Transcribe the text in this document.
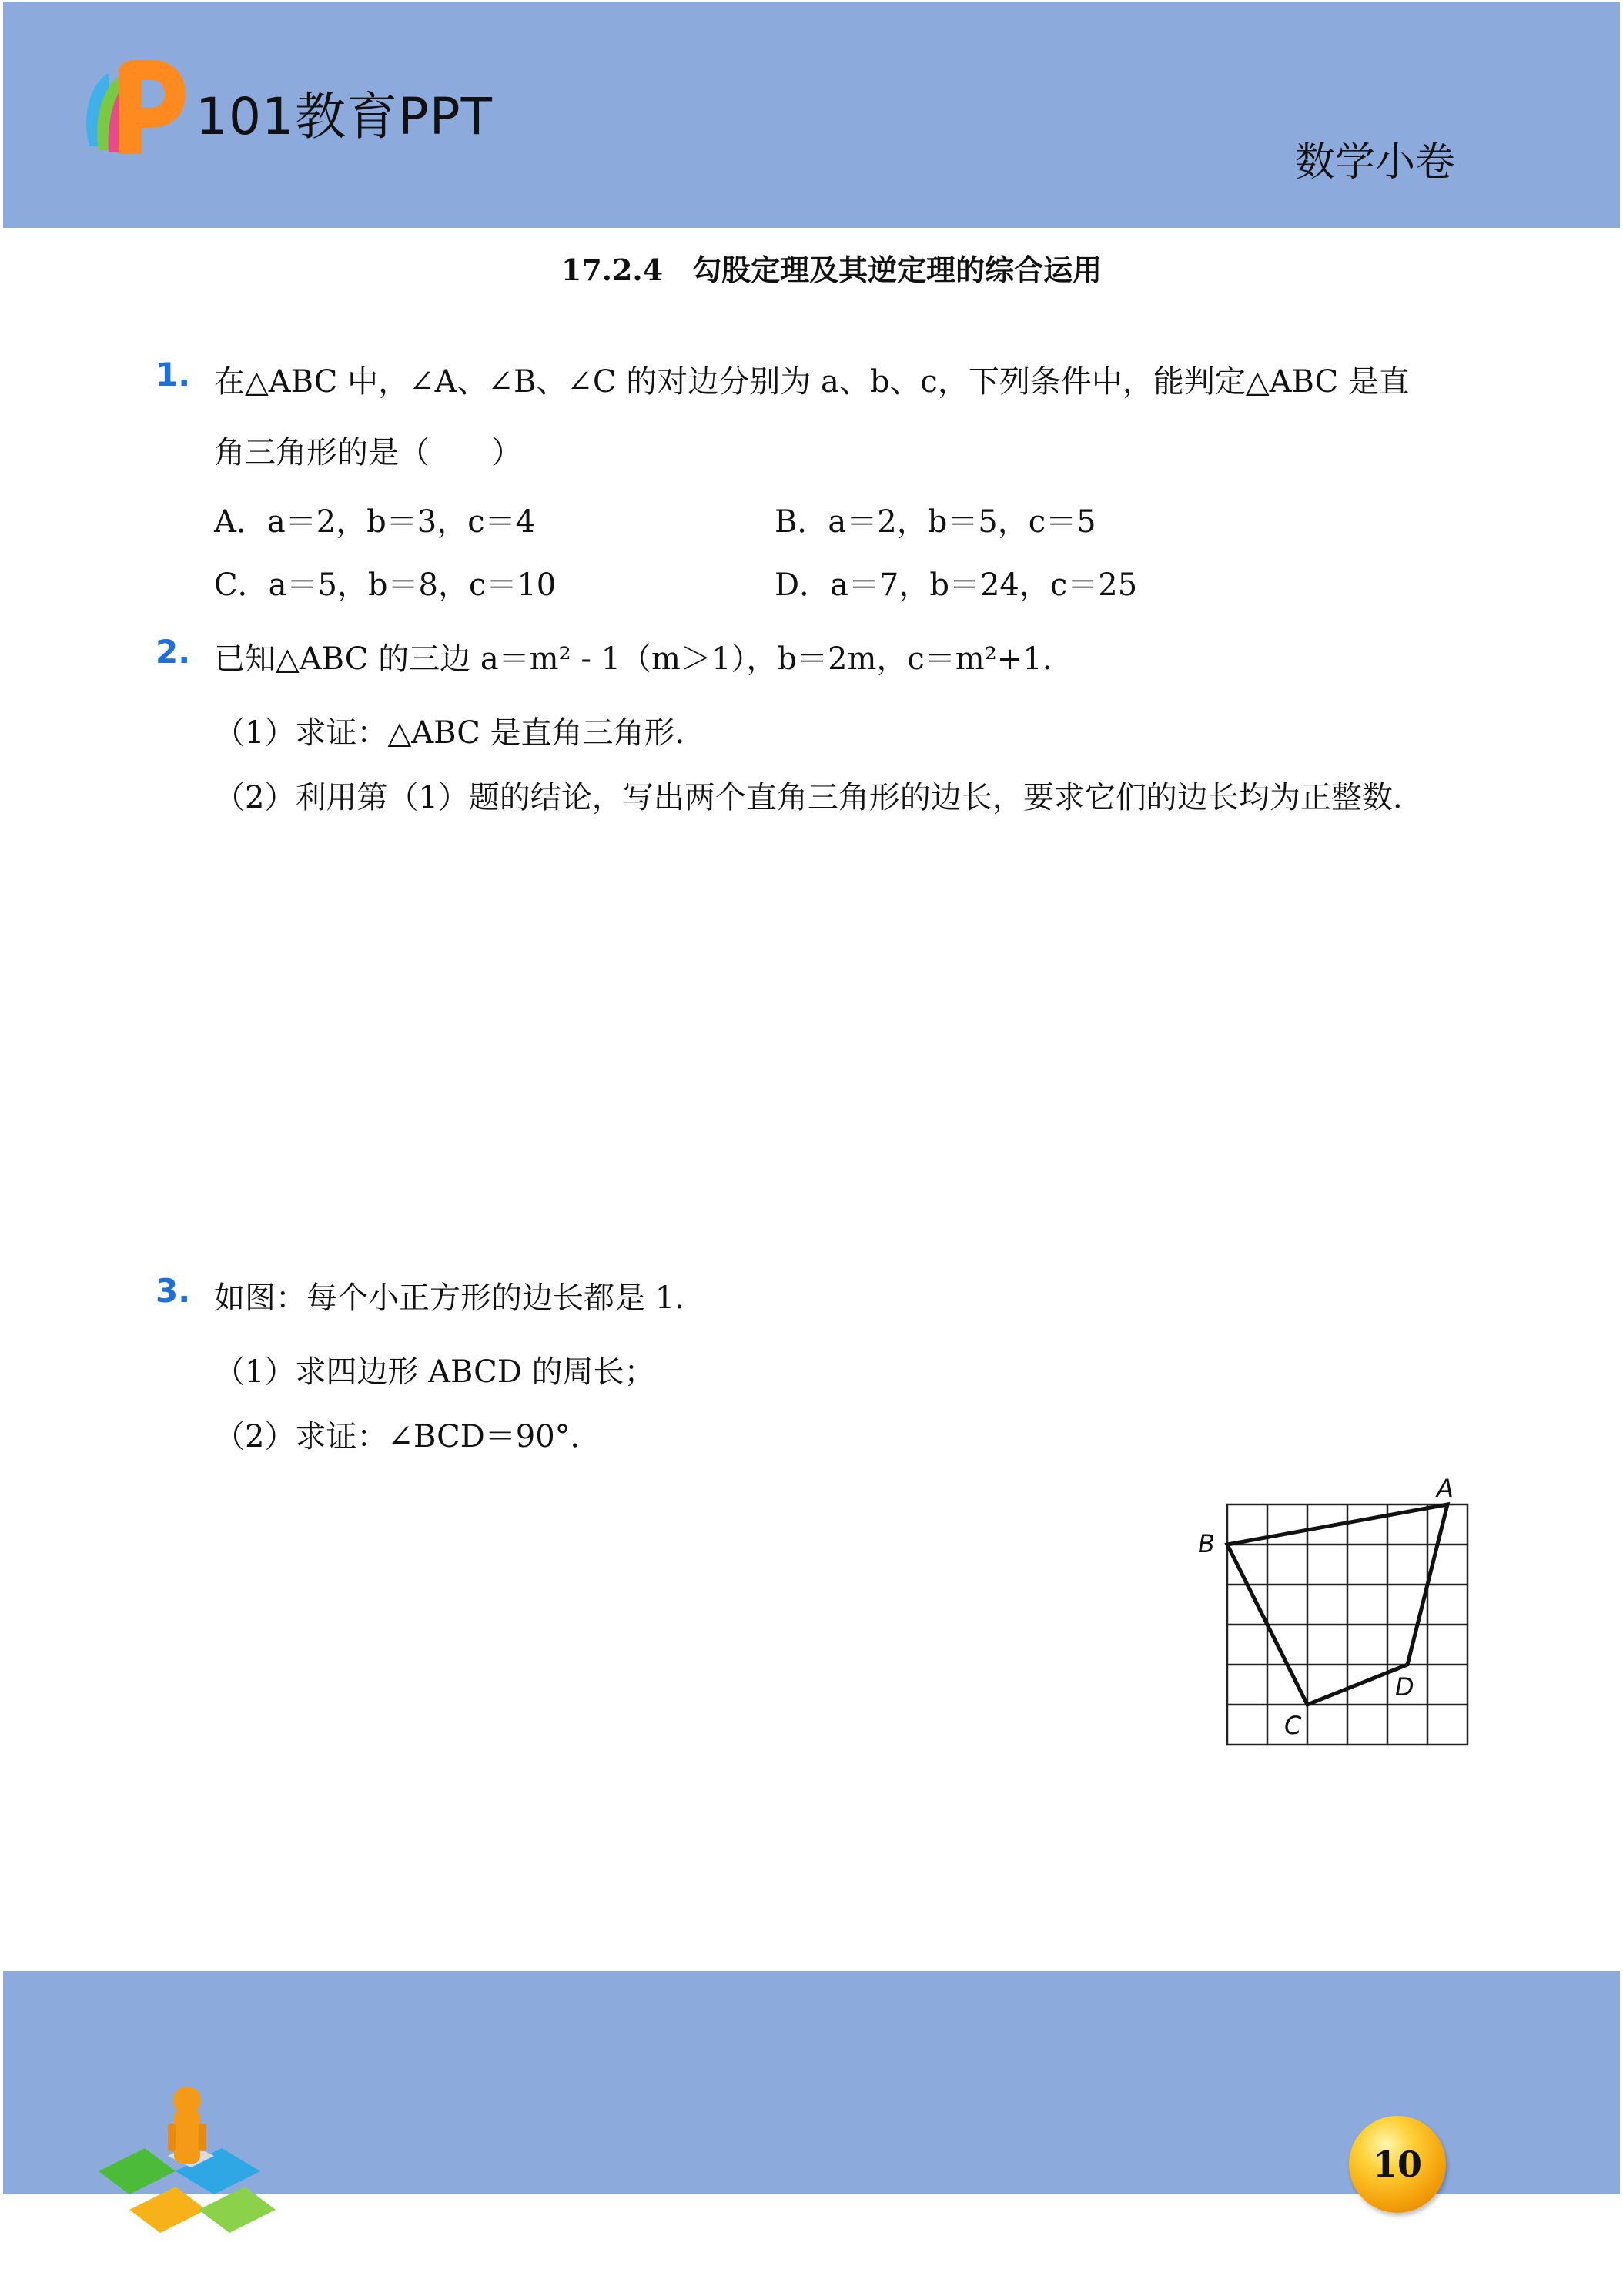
101教育PPT
数学小卷
17.2.4　勾股定理及其逆定理的综合运用
1. 在△ABC 中，∠A、∠B、∠C 的对边分别为 a、b、c，下列条件中，能判定△ABC 是直
角三角形的是（　　）
A．a＝2，b＝3，c＝4	B．a＝2，b＝5，c＝5
C．a＝5，b＝8，c＝10	D．a＝7，b＝24，c＝25
2. 已知△ABC 的三边 a＝m² - 1（m＞1），b＝2m，c＝m²+1.
（1）求证：△ABC 是直角三角形.
（2）利用第（1）题的结论，写出两个直角三角形的边长，要求它们的边长均为正整数.
3. 如图：每个小正方形的边长都是 1.
（1）求四边形 ABCD 的周长；
（2）求证：∠BCD＝90°．
A
B
C
D
10
